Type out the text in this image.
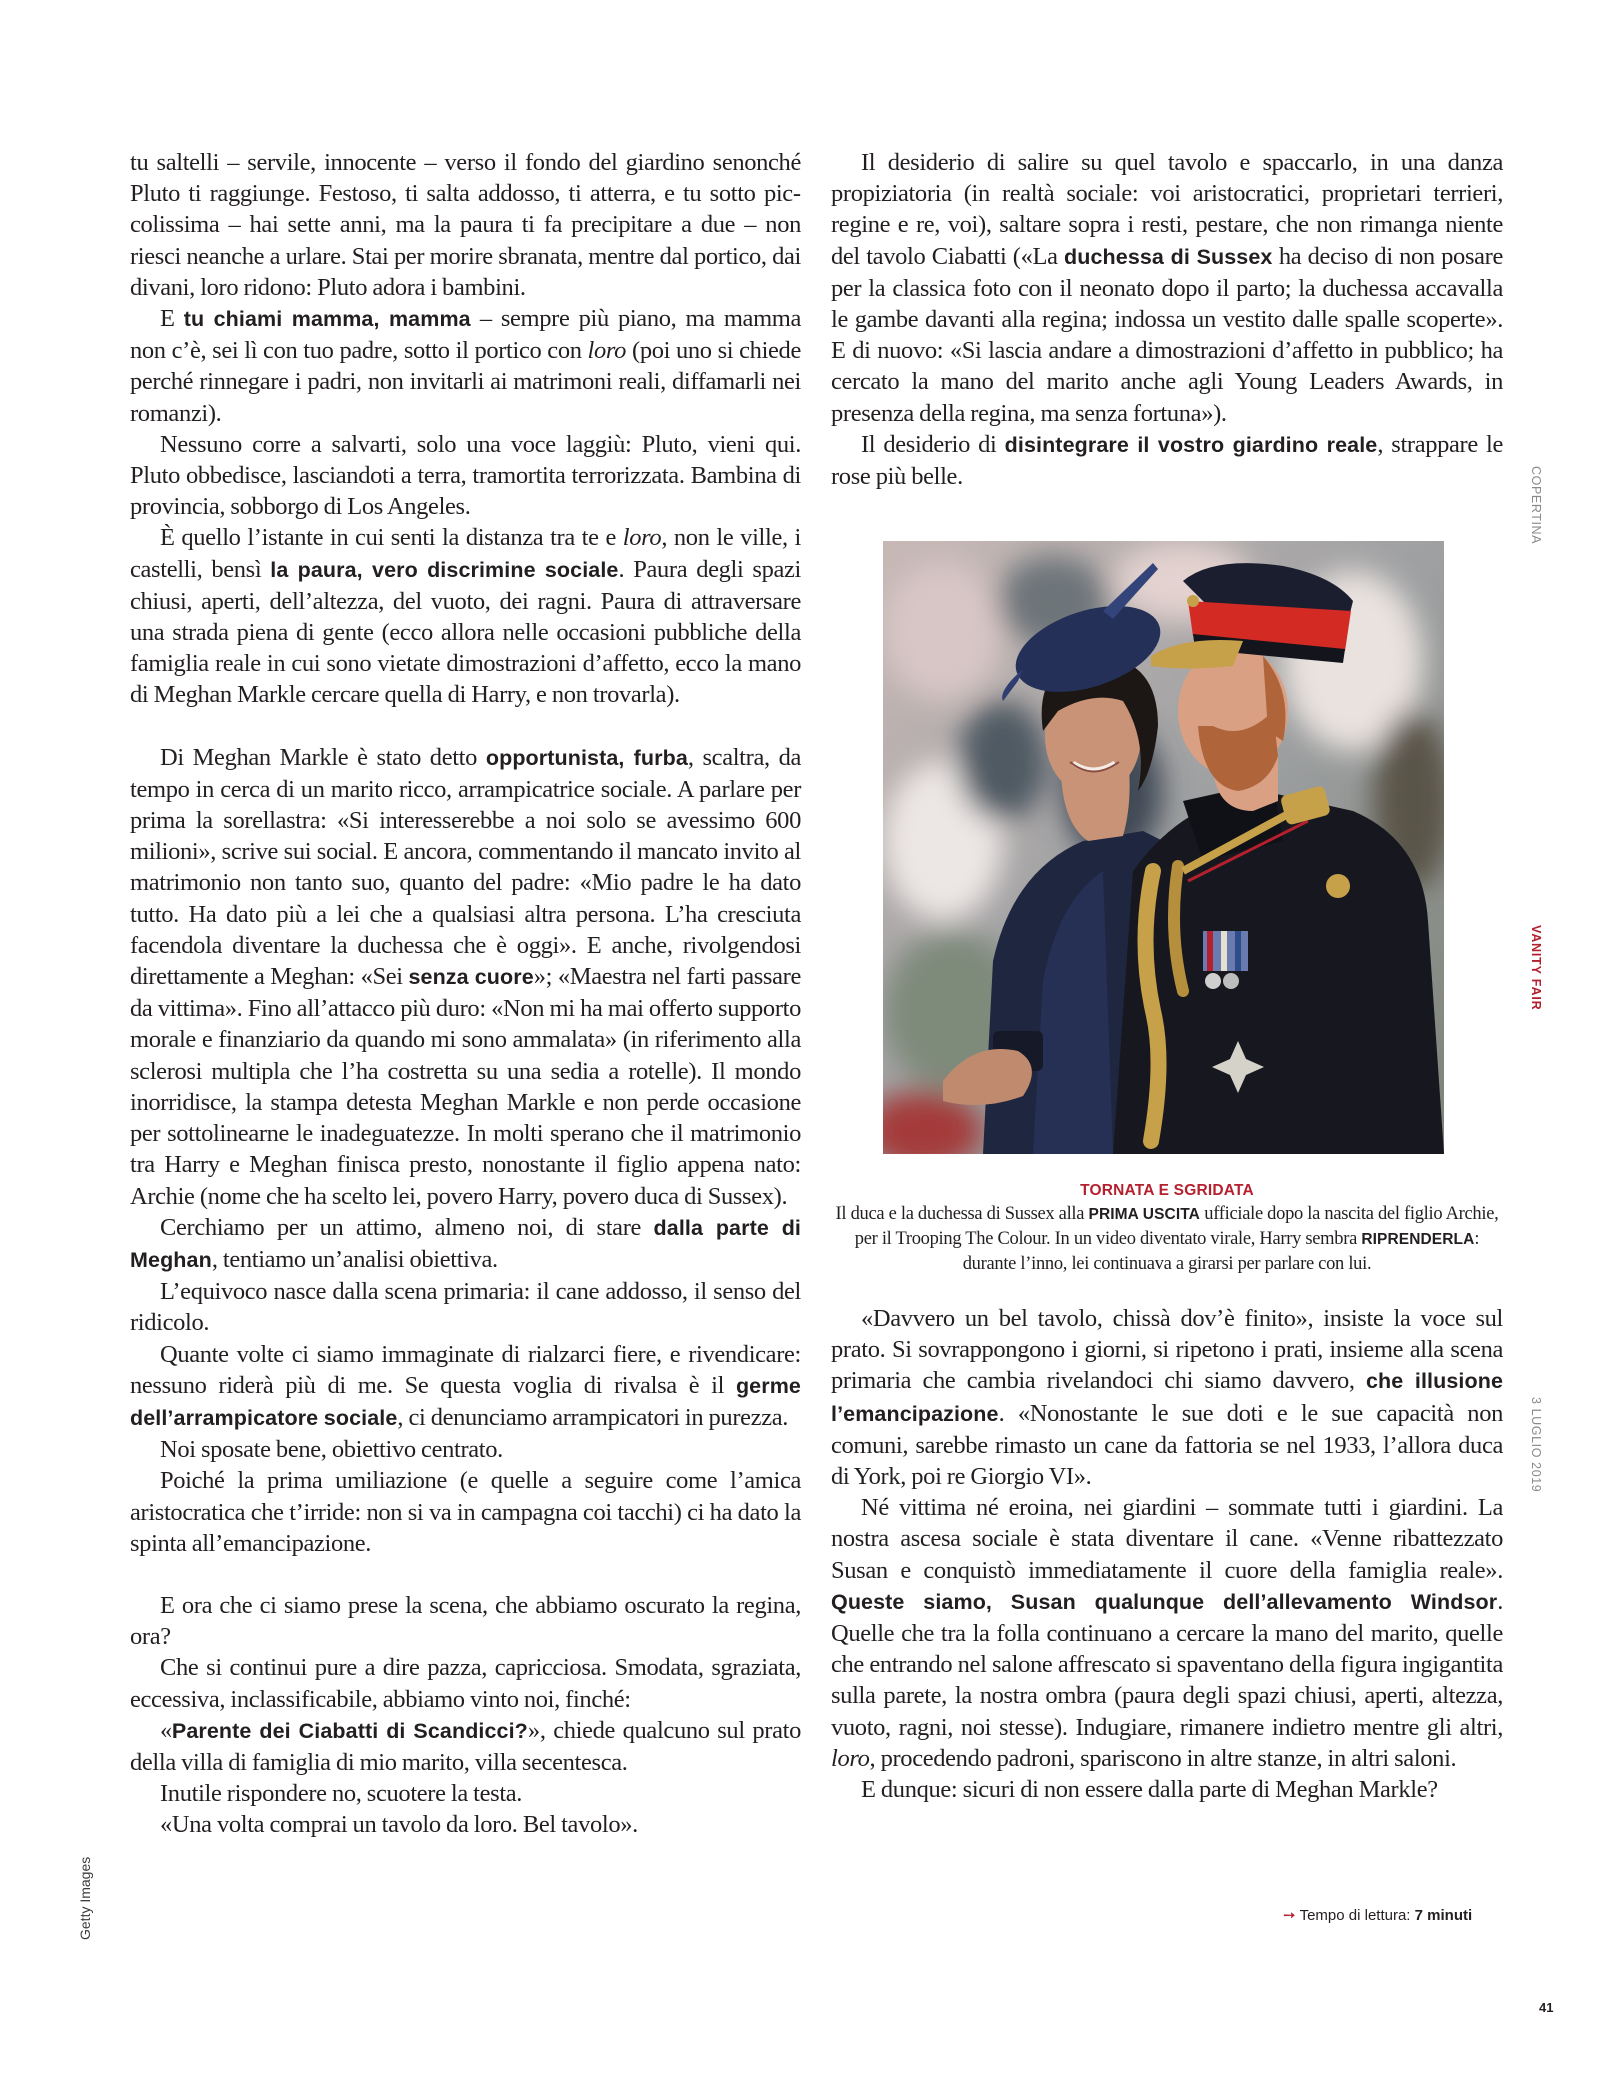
tu saltelli – servile, innocente – verso il fondo del giardino senonché Pluto ti raggiunge. Festoso, ti salta addosso, ti atterra, e tu sotto piccolissima – hai sette anni, ma la paura ti fa precipitare a due – non riesci neanche a urlare. Stai per morire sbranata, mentre dal portico, dai divani, loro ridono: Pluto adora i bambini.

E tu chiami mamma, mamma – sempre più piano, ma mamma non c’è, sei lì con tuo padre, sotto il portico con loro (poi uno si chiede perché rinnegare i padri, non invitarli ai matrimoni reali, diffamarli nei romanzi).

Nessuno corre a salvarti, solo una voce laggiù: Pluto, vieni qui. Pluto obbedisce, lasciandoti a terra, tramortita terrorizzata. Bambina di provincia, sobborgo di Los Angeles.

È quello l’istante in cui senti la distanza tra te e loro, non le ville, i castelli, bensì la paura, vero discrimine sociale. Paura degli spazi chiusi, aperti, dell’altezza, del vuoto, dei ragni. Paura di attraversare una strada piena di gente (ecco allora nelle occasioni pubbliche della famiglia reale in cui sono vietate dimostrazioni d’affetto, ecco la mano di Meghan Markle cercare quella di Harry, e non trovarla).

Di Meghan Markle è stato detto opportunista, furba, scaltra, da tempo in cerca di un marito ricco, arrampicatrice sociale. A parlare per prima la sorellastra: «Si interesserebbe a noi solo se avessimo 600 milioni», scrive sui social. E ancora, commentando il mancato invito al matrimonio non tanto suo, quanto del padre: «Mio padre le ha dato tutto. Ha dato più a lei che a qualsiasi altra persona. L’ha cresciuta facendola diventare la duchessa che è oggi». E anche, rivolgendosi direttamente a Meghan: «Sei senza cuore»; «Maestra nel farti passare da vittima». Fino all’attacco più duro: «Non mi ha mai offerto supporto morale e finanziario da quando mi sono ammalata» (in riferimento alla sclerosi multipla che l’ha costretta su una sedia a rotelle). Il mondo inorridisce, la stampa detesta Meghan Markle e non perde occasione per sottolinearne le inadeguatezze. In molti sperano che il matrimonio tra Harry e Meghan finisca presto, nonostante il figlio appena nato: Archie (nome che ha scelto lei, povero Harry, povero duca di Sussex).

Cerchiamo per un attimo, almeno noi, di stare dalla parte di Meghan, tentiamo un’analisi obiettiva.

L’equivoco nasce dalla scena primaria: il cane addosso, il senso del ridicolo.

Quante volte ci siamo immaginate di rialzarci fiere, e rivendicare: nessuno riderà più di me. Se questa voglia di rivalsa è il germe dell’arrampicatore sociale, ci denunciamo arrampicatori in purezza.

Noi sposate bene, obiettivo centrato.

Poiché la prima umiliazione (e quelle a seguire come l’amica aristocratica che t’irride: non si va in campagna coi tacchi) ci ha dato la spinta all’emancipazione.

E ora che ci siamo prese la scena, che abbiamo oscurato la regina, ora?

Che si continui pure a dire pazza, capricciosa. Smodata, sgraziata, eccessiva, inclassificabile, abbiamo vinto noi, finché:

«Parente dei Ciabatti di Scandicci?», chiede qualcuno sul prato della villa di famiglia di mio marito, villa secentesca.

Inutile rispondere no, scuotere la testa.

«Una volta comprai un tavolo da loro. Bel tavolo».

Il desiderio di salire su quel tavolo e spaccarlo, in una danza propiziatoria (in realtà sociale: voi aristocratici, proprietari terrieri, regine e re, voi), saltare sopra i resti, pestare, che non rimanga niente del tavolo Ciabatti («La duchessa di Sussex ha deciso di non posare per la classica foto con il neonato dopo il parto; la duchessa accavalla le gambe davanti alla regina; indossa un vestito dalle spalle scoperte». E di nuovo: «Si lascia andare a dimostrazioni d’affetto in pubblico; ha cercato la mano del marito anche agli Young Leaders Awards, in presenza della regina, ma senza fortuna»).

Il desiderio di disintegrare il vostro giardino reale, strappare le rose più belle.

TORNATA E SGRIDATA
Il duca e la duchessa di Sussex alla PRIMA USCITA ufficiale dopo la nascita del figlio Archie, per il Trooping The Colour. In un video diventato virale, Harry sembra RIPRENDERLA: durante l’inno, lei continuava a girarsi per parlare con lui.

«Davvero un bel tavolo, chissà dov’è finito», insiste la voce sul prato. Si sovrappongono i giorni, si ripetono i prati, insieme alla scena primaria che cambia rivelandoci chi siamo davvero, che illusione l’emancipazione. «Nonostante le sue doti e le sue capacità non comuni, sarebbe rimasto un cane da fattoria se nel 1933, l’allora duca di York, poi re Giorgio VI».

Né vittima né eroina, nei giardini – sommate tutti i giardini. La nostra ascesa sociale è stata diventare il cane. «Venne ribattezzato Susan e conquistò immediatamente il cuore della famiglia reale». Queste siamo, Susan qualunque dell’allevamento Windsor. Quelle che tra la folla continuano a cercare la mano del marito, quelle che entrando nel salone affrescato si spaventano della figura ingigantita sulla parete, la nostra ombra (paura degli spazi chiusi, aperti, altezza, vuoto, ragni, noi stesse). Indugiare, rimanere indietro mentre gli altri, loro, procedendo padroni, spariscono in altre stanze, in altri saloni.

E dunque: sicuri di non essere dalla parte di Meghan Markle?

COPERTINA
VANITY FAIR
3 LUGLIO 2019
Getty Images	➙ Tempo di lettura: 7 minuti
41
